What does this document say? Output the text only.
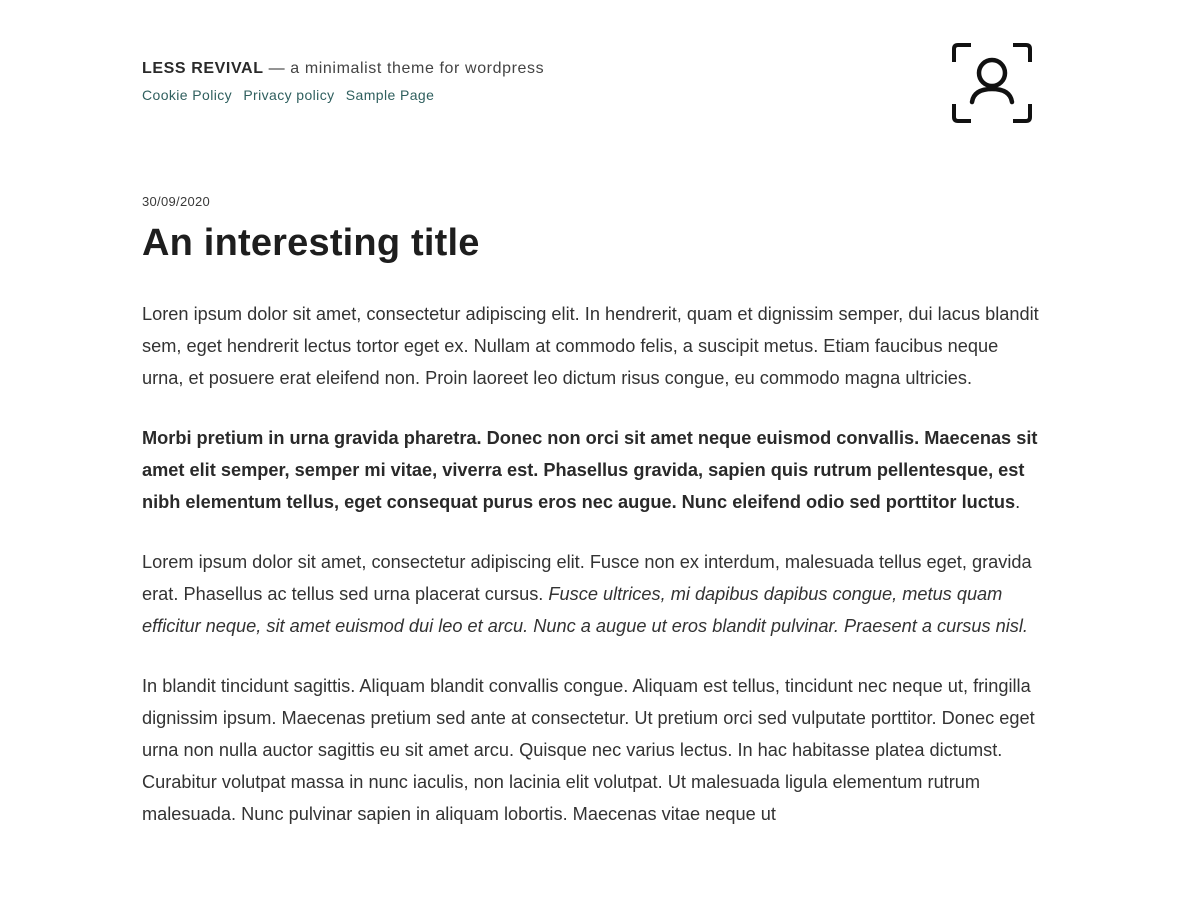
LESS REVIVAL — a minimalist theme for wordpress
Cookie Policy Privacy policy Sample Page
30/09/2020
An interesting title

Loren ipsum dolor sit amet, consectetur adipiscing elit. In hendrerit, quam et dignissim semper, dui lacus blandit sem, eget hendrerit lectus tortor eget ex. Nullam at commodo felis, a suscipit metus. Etiam faucibus neque urna, et posuere erat eleifend non. Proin laoreet leo dictum risus congue, eu commodo magna ultricies.

Morbi pretium in urna gravida pharetra. Donec non orci sit amet neque euismod convallis. Maecenas sit amet elit semper, semper mi vitae, viverra est. Phasellus gravida, sapien quis rutrum pellentesque, est nibh elementum tellus, eget consequat purus eros nec augue. Nunc eleifend odio sed porttitor luctus.

Lorem ipsum dolor sit amet, consectetur adipiscing elit. Fusce non ex interdum, malesuada tellus eget, gravida erat. Phasellus ac tellus sed urna placerat cursus. Fusce ultrices, mi dapibus dapibus congue, metus quam efficitur neque, sit amet euismod dui leo et arcu. Nunc a augue ut eros blandit pulvinar. Praesent a cursus nisl.

In blandit tincidunt sagittis. Aliquam blandit convallis congue. Aliquam est tellus, tincidunt nec neque ut, fringilla dignissim ipsum. Maecenas pretium sed ante at consectetur. Ut pretium orci sed vulputate porttitor. Donec eget urna non nulla auctor sagittis eu sit amet arcu. Quisque nec varius lectus. In hac habitasse platea dictumst. Curabitur volutpat massa in nunc iaculis, non lacinia elit volutpat. Ut malesuada ligula elementum rutrum malesuada. Nunc pulvinar sapien in aliquam lobortis. Maecenas vitae neque ut
